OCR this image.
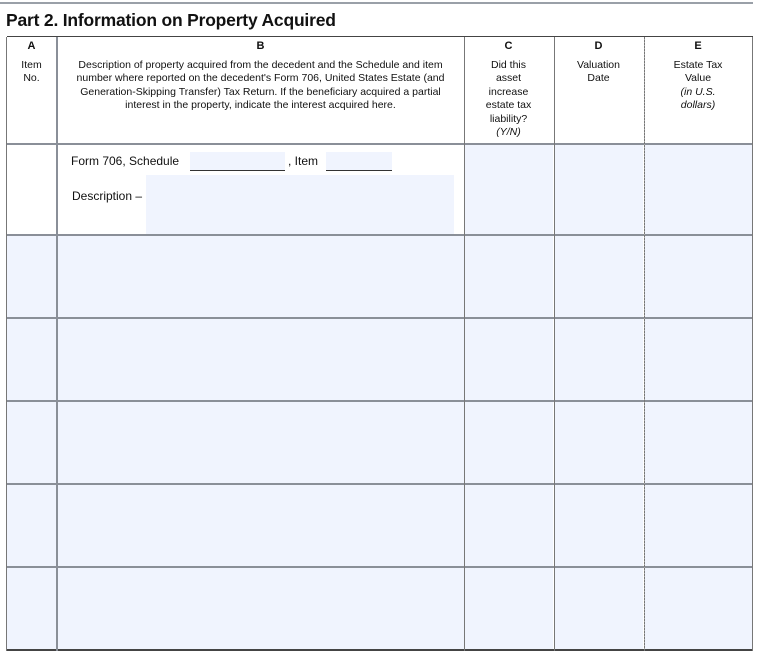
Part 2. Information on Property Acquired
A
Item
No.
B
Description of property acquired from the decedent and the Schedule and item
number where reported on the decedent's Form 706, United States Estate (and
Generation-Skipping Transfer) Tax Return. If the beneficiary acquired a partial
interest in the property, indicate the interest acquired here.
C
Did this
asset
increase
estate tax
liability?
(Y/N)
D
Valuation
Date
E
Estate Tax
Value
(in U.S.
dollars)
Form 706, Schedule	, Item
Description –
